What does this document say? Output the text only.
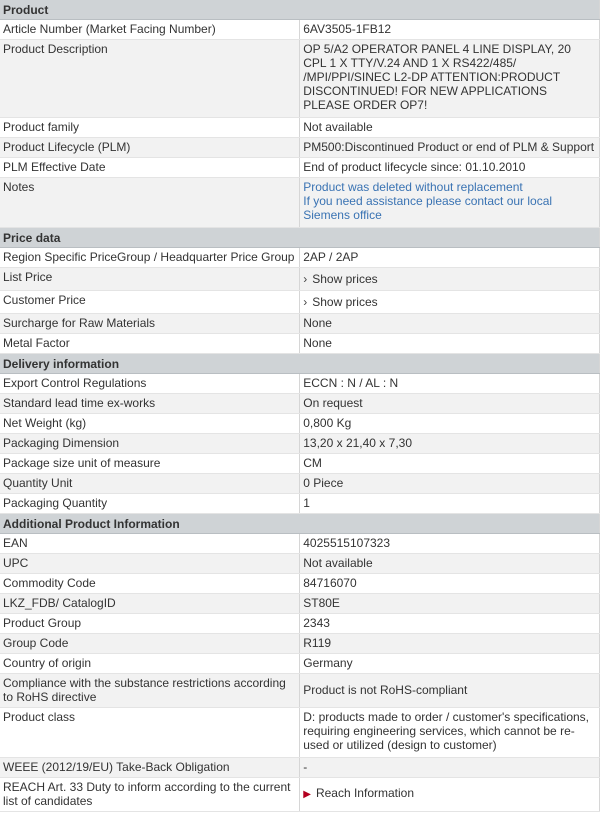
Product	
Article Number (Market Facing Number)	6AV3505-1FB12
Product Description	OP 5/A2 OPERATOR PANEL 4 LINE DISPLAY, 20 CPL 1 X TTY/V.24 AND 1 X RS422/485/ /MPI/PPI/SINEC L2-DP ATTENTION:PRODUCT DISCONTINUED! FOR NEW APPLICATIONS PLEASE ORDER OP7!
Product family	Not available
Product Lifecycle (PLM)	PM500:Discontinued Product or end of PLM & Support
PLM Effective Date	End of product lifecycle since: 01.10.2010
Notes	Product was deleted without replacement
If you need assistance please contact our local Siemens office

Price data	
Region Specific PriceGroup / Headquarter Price Group	2AP / 2AP
List Price	› Show prices
Customer Price	› Show prices
Surcharge for Raw Materials	None
Metal Factor	None
Delivery information	
Export Control Regulations	ECCN : N / AL : N
Standard lead time ex-works	On request
Net Weight (kg)	0,800 Kg
Packaging Dimension	13,20 x 21,40 x 7,30
Package size unit of measure	CM
Quantity Unit	0 Piece
Packaging Quantity	1
Additional Product Information	
EAN	4025515107323
UPC	Not available
Commodity Code	84716070
LKZ_FDB/ CatalogID	ST80E
Product Group	2343
Group Code	R119
Country of origin	Germany
Compliance with the substance restrictions according to RoHS directive	Product is not RoHS-compliant
Product class	D: products made to order / customer's specifications, requiring engineering services, which cannot be re-used or utilized (design to customer)
WEEE (2012/19/EU) Take-Back Obligation	-
REACH Art. 33 Duty to inform according to the current list of candidates	▶ Reach Information
